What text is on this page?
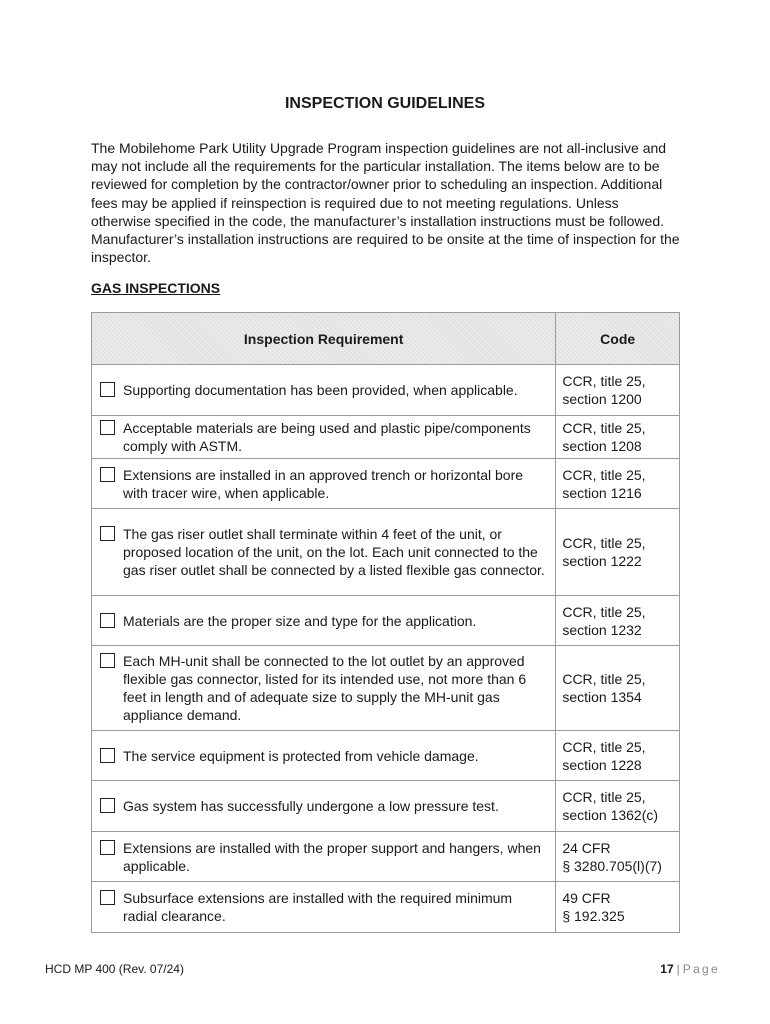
INSPECTION GUIDELINES

The Mobilehome Park Utility Upgrade Program inspection guidelines are not all-inclusive and may not include all the requirements for the particular installation. The items below are to be reviewed for completion by the contractor/owner prior to scheduling an inspection. Additional fees may be applied if reinspection is required due to not meeting regulations. Unless otherwise specified in the code, the manufacturer’s installation instructions must be followed. Manufacturer’s installation instructions are required to be onsite at the time of inspection for the inspector.

GAS INSPECTIONS
Inspection Requirement	Code

Supporting documentation has been provided, when applicable.	CCR, title 25,
section 1200

Acceptable materials are being used and plastic pipe/components comply with ASTM.	CCR, title 25,
section 1208

Extensions are installed in an approved trench or horizontal bore with tracer wire, when applicable.	CCR, title 25,
section 1216

The gas riser outlet shall terminate within 4 feet of the unit, or proposed location of the unit, on the lot. Each unit connected to the gas riser outlet shall be connected by a listed flexible gas connector.	CCR, title 25,
section 1222

Materials are the proper size and type for the application.	CCR, title 25,
section 1232

Each MH-unit shall be connected to the lot outlet by an approved flexible gas connector, listed for its intended use, not more than 6 feet in length and of adequate size to supply the MH-unit gas appliance demand.	CCR, title 25,
section 1354

The service equipment is protected from vehicle damage.	CCR, title 25,
section 1228

Gas system has successfully undergone a low pressure test.	CCR, title 25,
section 1362(c)

Extensions are installed with the proper support and hangers, when applicable.	24 CFR
§ 3280.705(l)(7)

Subsurface extensions are installed with the required minimum radial clearance.	49 CFR
§ 192.325
HCD MP 400 (Rev. 07/24)	17 | Page
